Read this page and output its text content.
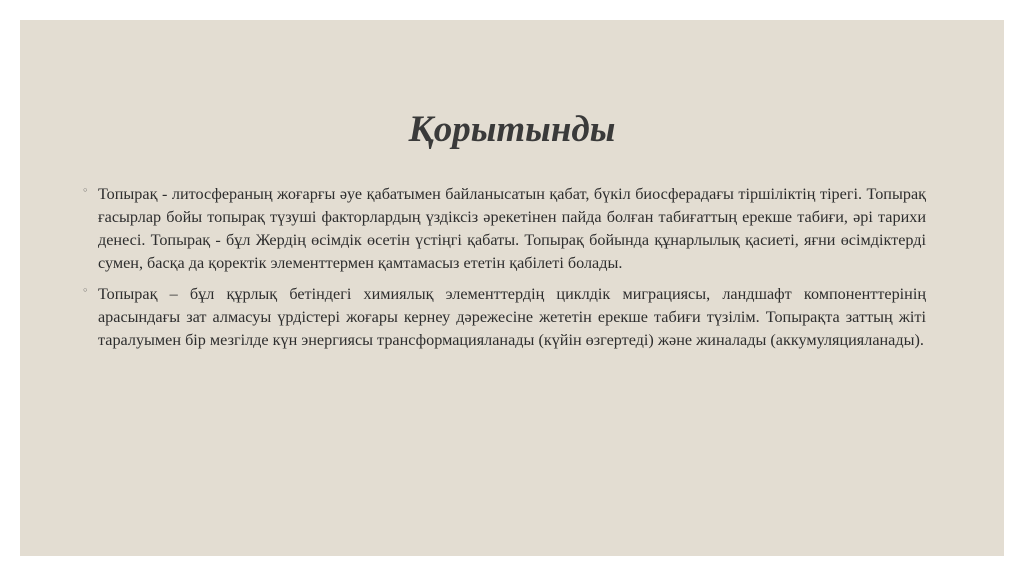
Қорытынды
◦ Топырақ - литосфераның жоғарғы әуе қабатымен байланысатын қабат, бүкіл биосферадағы тіршіліктің тірегі. Топырақ ғасырлар бойы топырақ түзуші факторлардың үздіксіз әрекетінен пайда болған табиғаттың ерекше табиғи, әрі тарихи денесі. Топырақ - бұл Жердің өсімдік өсетін үстіңгі қабаты. Топырақ бойында құнарлылық қасиеті, яғни өсімдіктерді сумен, басқа да қоректік элементтермен қамтамасыз ететін қабілеті болады.
◦ Топырақ – бұл құрлық бетіндегі химиялық элементтердің циклдік миграциясы, ландшафт компоненттерінің арасындағы зат алмасуы үрдістері жоғары кернеу дәрежесіне жететін ерекше табиғи түзілім. Топырақта заттың жіті таралуымен бір мезгілде күн энергиясы трансформацияланады (күйін өзгертеді) және жиналады (аккумуляцияланады).
